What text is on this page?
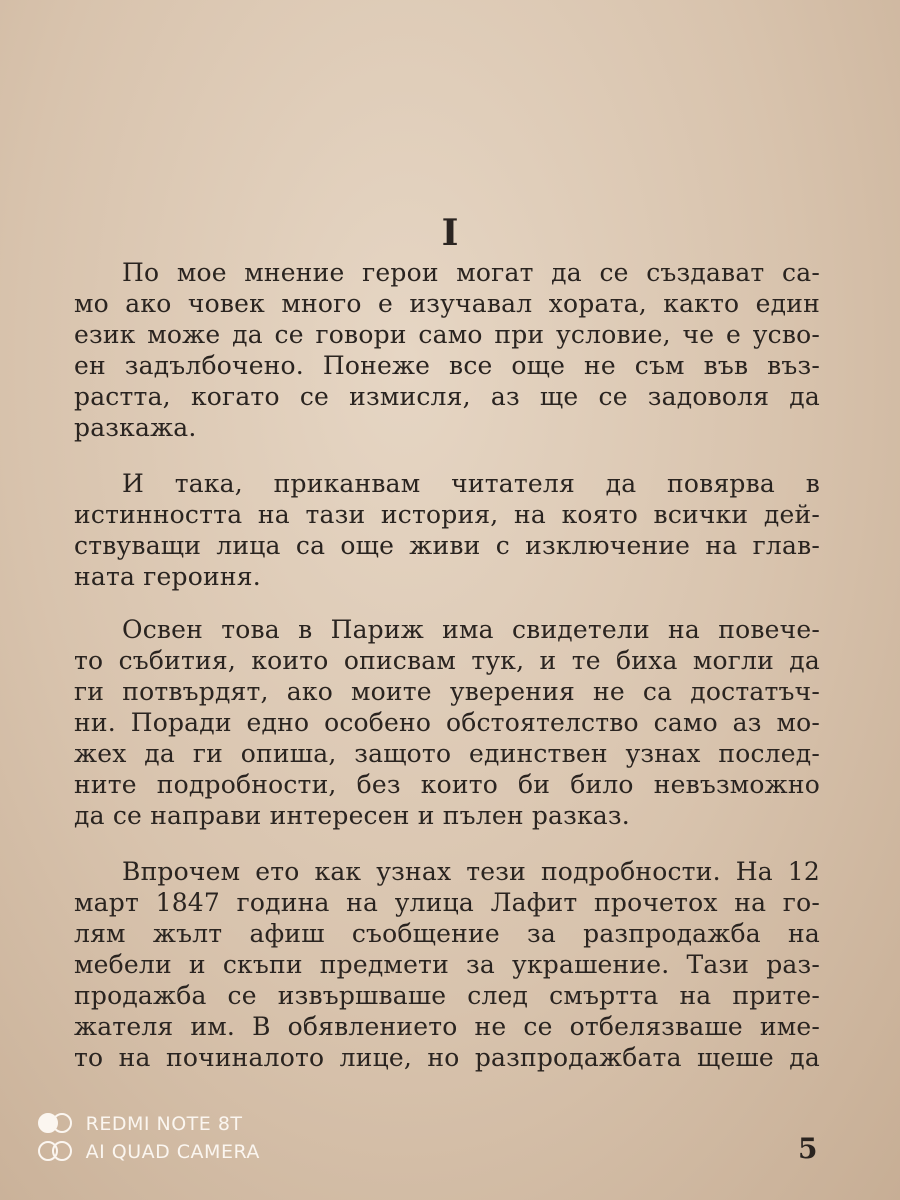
I
По мое мнение герои могат да се създават са-
мо ако човек много е изучавал хората, както един
език може да се говори само при условие, че е усво-
ен задълбочено. Понеже все още не съм във въз-
растта, когато се измисля, аз ще се задоволя да
разкажа.
И така, приканвам читателя да повярва в
истинността на тази история, на която всички дей-
ствуващи лица са още живи с изключение на глав-
ната героиня.
Освен това в Париж има свидетели на повече-
то събития, които описвам тук, и те биха могли да
ги потвърдят, ако моите уверения не са достатъч-
ни. Поради едно особено обстоятелство само аз мо-
жех да ги опиша, защото единствен узнах послед-
ните подробности, без които би било невъзможно
да се направи интересен и пълен разказ.
Впрочем ето как узнах тези подробности. На 12
март 1847 година на улица Лафит прочетох на го-
лям жълт афиш съобщение за разпродажба на
мебели и скъпи предмети за украшение. Тази раз-
продажба се извършваше след смъртта на прите-
жателя им. В обявлението не се отбелязваше име-
то на починалото лице, но разпродажбата щеше да
5
REDMI NOTE 8T
AI QUAD CAMERA
